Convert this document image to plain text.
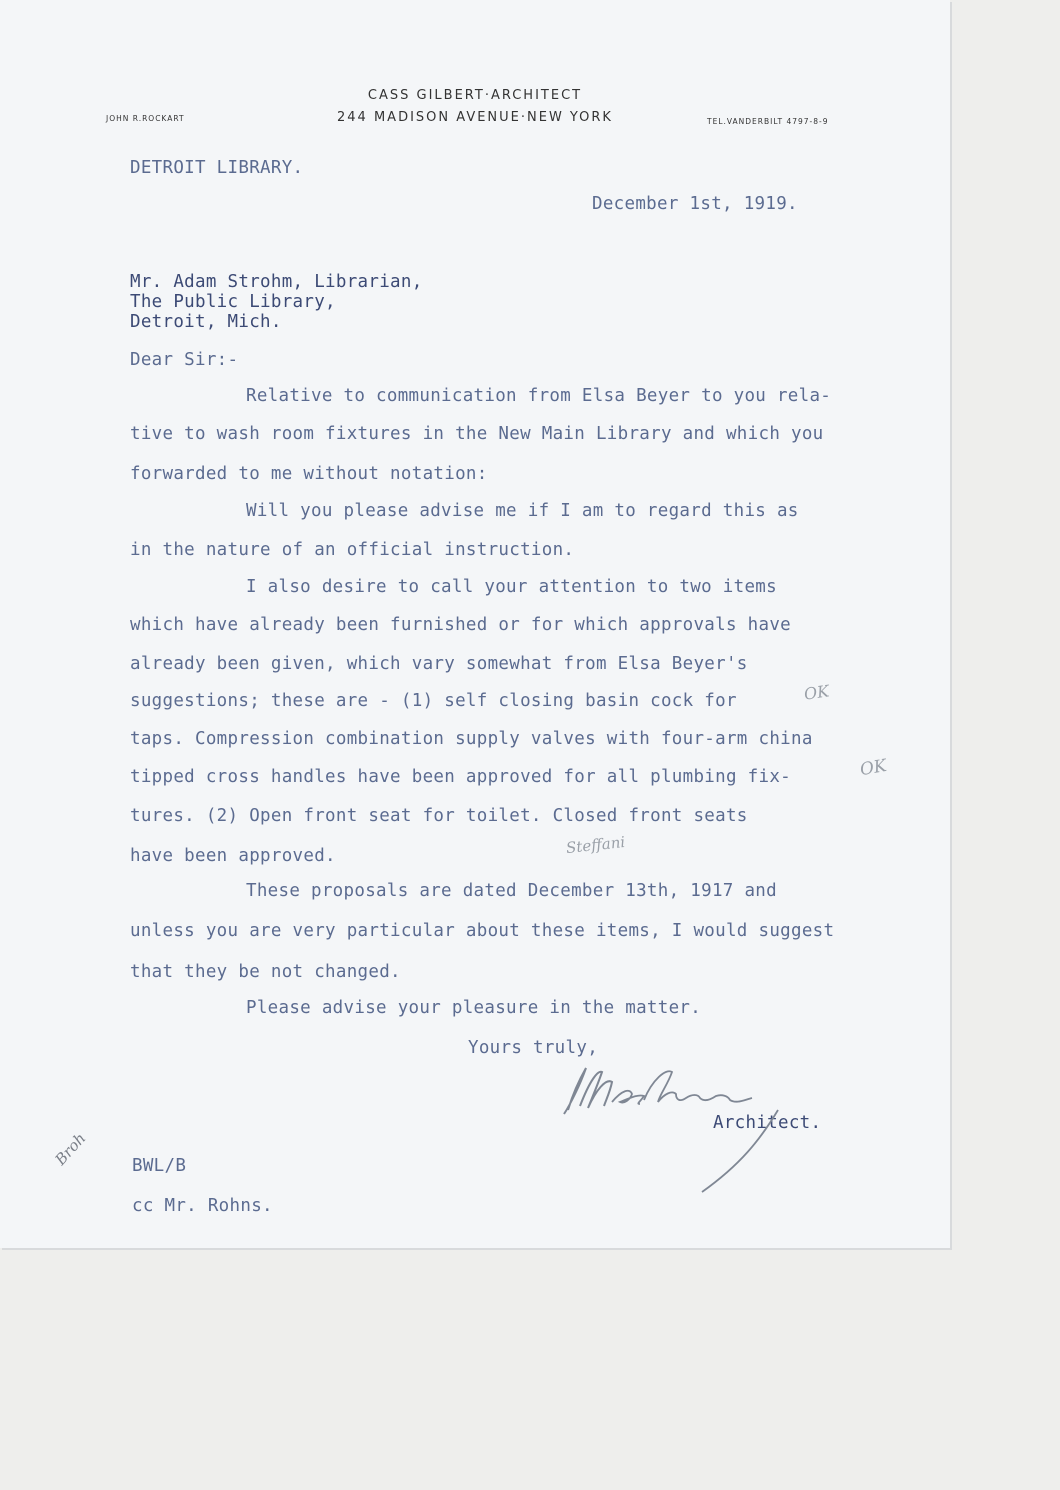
CASS GILBERT·ARCHITECT
244 MADISON AVENUE·NEW YORK
JOHN R.ROCKART	TEL.VANDERBILT 4797-8-9
DETROIT LIBRARY.
December 1st, 1919.
Mr. Adam Strohm, Librarian,
The Public Library,
Detroit, Mich.
Dear Sir:-
Relative to communication from Elsa Beyer to you rela-
tive to wash room fixtures in the New Main Library and which you
forwarded to me without notation:
Will you please advise me if I am to regard this as
in the nature of an official instruction.
I also desire to call your attention to two items
which have already been furnished or for which approvals have
already been given, which vary somewhat from Elsa Beyer's
suggestions; these are - (1) self closing basin cock for
taps. Compression combination supply valves with four-arm china
tipped cross handles have been approved for all plumbing fix-
tures. (2) Open front seat for toilet. Closed front seats
have been approved.
These proposals are dated December 13th, 1917 and
unless you are very particular about these items, I would suggest
that they be not changed.
Please advise your pleasure in the matter.
Yours truly,
Architect.
BWL/B
cc Mr. Rohns.
OK
OK
Steffani
Broh
